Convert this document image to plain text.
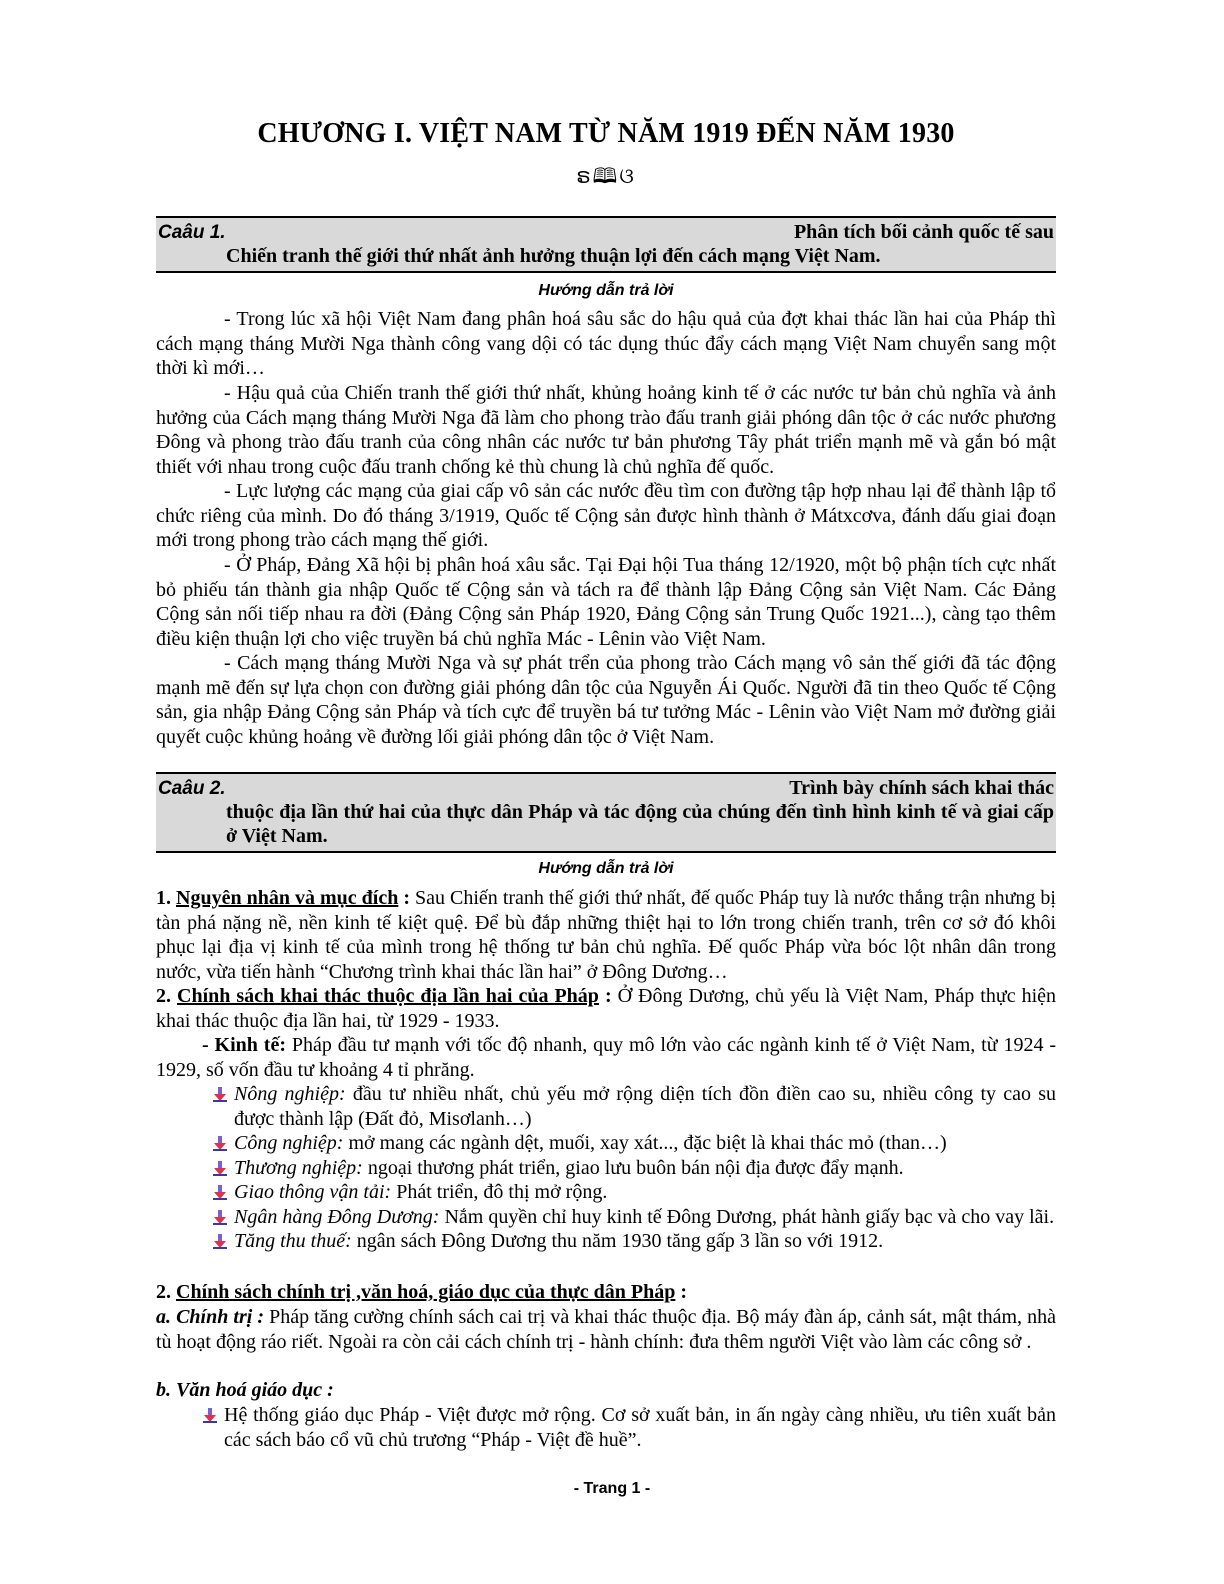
CHƯƠNG I. VIỆT NAM TỪ NĂM 1919 ĐẾN NĂM 1930
ຣ🕮ଓ
Caâu 1.	Phân tích bối cảnh quốc tế sau
Chiến tranh thế giới thứ nhất ảnh hưởng thuận lợi đến cách mạng Việt Nam.
Hướng dẫn trả lời

- Trong lúc xã hội Việt Nam đang phân hoá sâu sắc do hậu quả của đợt khai thác lần hai của Pháp thì cách mạng tháng Mười Nga thành công vang dội có tác dụng thúc đẩy cách mạng Việt Nam chuyển sang một thời kì mới…

- Hậu quả của Chiến tranh thế giới thứ nhất, khủng hoảng kinh tế ở các nước tư bản chủ nghĩa và ảnh hưởng của Cách mạng tháng Mười Nga đã làm cho phong trào đấu tranh giải phóng dân tộc ở các nước phương Đông và phong trào đấu tranh của công nhân các nước tư bản phương Tây phát triển mạnh mẽ và gắn bó mật thiết với nhau trong cuộc đấu tranh chống kẻ thù chung là chủ nghĩa đế quốc.

- Lực lượng các mạng của giai cấp vô sản các nước đều tìm con đường tập hợp nhau lại để thành lập tổ chức riêng của mình. Do đó tháng 3/1919, Quốc tế Cộng sản được hình thành ở Mátxcơva, đánh dấu giai đoạn mới trong phong trào cách mạng thế giới.

- Ở Pháp, Đảng Xã hội bị phân hoá xâu sắc. Tại Đại hội Tua tháng 12/1920, một bộ phận tích cực nhất bỏ phiếu tán thành gia nhập Quốc tế Cộng sản và tách ra để thành lập Đảng Cộng sản Việt Nam. Các Đảng Cộng sản nối tiếp nhau ra đời (Đảng Cộng sản Pháp 1920, Đảng Cộng sản Trung Quốc 1921...), càng tạo thêm điều kiện thuận lợi cho việc truyền bá chủ nghĩa Mác - Lênin vào Việt Nam.

- Cách mạng tháng Mười Nga và sự phát trển của phong trào Cách mạng vô sản thế giới đã tác động mạnh mẽ đến sự lựa chọn con đường giải phóng dân tộc của Nguyễn Ái Quốc. Người đã tin theo Quốc tế Cộng sản, gia nhập Đảng Cộng sản Pháp và tích cực để truyền bá tư tưởng Mác - Lênin vào Việt Nam mở đường giải quyết cuộc khủng hoảng về đường lối giải phóng dân tộc ở Việt Nam.

Caâu 2.	Trình bày chính sách khai thác
thuộc địa lần thứ hai của thực dân Pháp và tác động của chúng đến tình hình kinh tế và giai cấp ở Việt Nam.
Hướng dẫn trả lời

1. Nguyên nhân và mục đích : Sau Chiến tranh thế giới thứ nhất, đế quốc Pháp tuy là nước thắng trận nhưng bị tàn phá nặng nề, nền kinh tế kiệt quệ. Để bù đắp những thiệt hại to lớn trong chiến tranh, trên cơ sở đó khôi phục lại địa vị kinh tế của mình trong hệ thống tư bản chủ nghĩa. Đế quốc Pháp vừa bóc lột nhân dân trong nước, vừa tiến hành “Chương trình khai thác lần hai” ở Đông Dương…

2. Chính sách khai thác thuộc địa lần hai của Pháp : Ở Đông Dương, chủ yếu là Việt Nam, Pháp thực hiện khai thác thuộc địa lần hai, từ 1929 - 1933.

- Kinh tế: Pháp đầu tư mạnh với tốc độ nhanh, quy mô lớn vào các ngành kinh tế ở Việt Nam, từ 1924 - 1929, số vốn đầu tư khoảng 4 tỉ phrăng.

Nông nghiệp: đầu tư nhiều nhất, chủ yếu mở rộng diện tích đồn điền cao su, nhiều công ty cao su được thành lập (Đất đỏ, Misơlanh…)
Công nghiệp: mở mang các ngành dệt, muối, xay xát..., đặc biệt là khai thác mỏ (than…)
Thương nghiệp: ngoại thương phát triển, giao lưu buôn bán nội địa được đẩy mạnh.
Giao thông vận tải: Phát triển, đô thị mở rộng.
Ngân hàng Đông Dương: Nắm quyền chỉ huy kinh tế Đông Dương, phát hành giấy bạc và cho vay lãi.
Tăng thu thuế: ngân sách Đông Dương thu năm 1930 tăng gấp 3 lần so với 1912.

2. Chính sách chính trị ,văn hoá, giáo dục của thực dân Pháp :

a. Chính trị : Pháp tăng cường chính sách cai trị và khai thác thuộc địa. Bộ máy đàn áp, cảnh sát, mật thám, nhà tù hoạt động ráo riết. Ngoài ra còn cải cách chính trị - hành chính: đưa thêm người Việt vào làm các công sở .

b. Văn hoá giáo dục :

Hệ thống giáo dục Pháp - Việt được mở rộng. Cơ sở xuất bản, in ấn ngày càng nhiều, ưu tiên xuất bản các sách báo cổ vũ chủ trương “Pháp - Việt đề huề”.
- Trang 1 -
